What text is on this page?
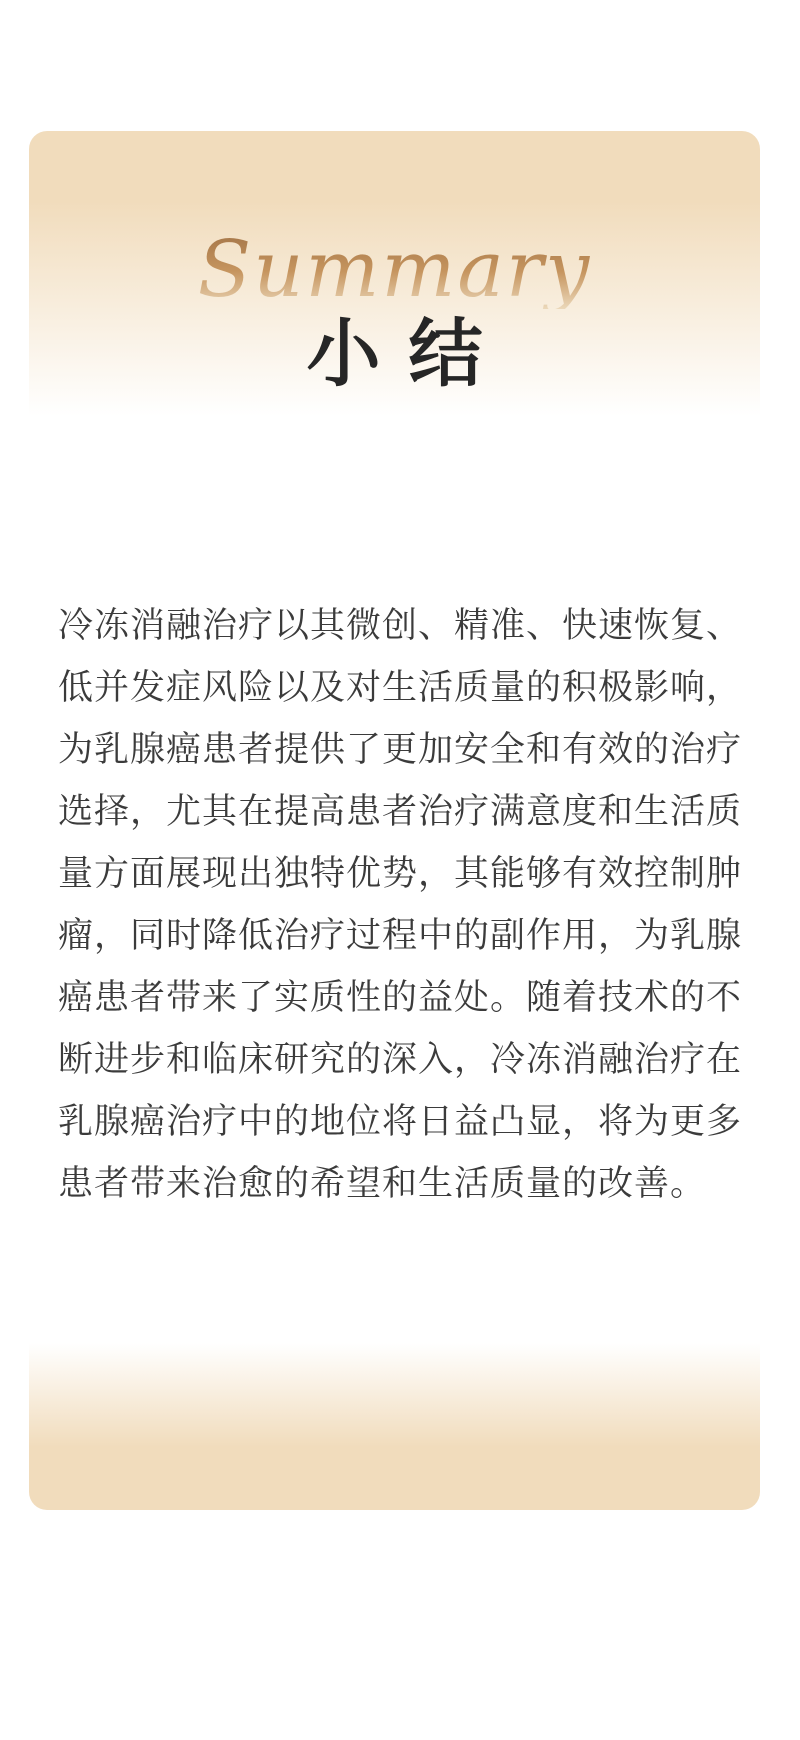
Summary
小结
冷冻消融治疗以其微创、精准、快速恢复、
低并发症风险以及对生活质量的积极影响，
为乳腺癌患者提供了更加安全和有效的治疗
选择，尤其在提高患者治疗满意度和生活质
量方面展现出独特优势，其能够有效控制肿
瘤，同时降低治疗过程中的副作用，为乳腺
癌患者带来了实质性的益处。随着技术的不
断进步和临床研究的深入，冷冻消融治疗在
乳腺癌治疗中的地位将日益凸显，将为更多
患者带来治愈的希望和生活质量的改善。
